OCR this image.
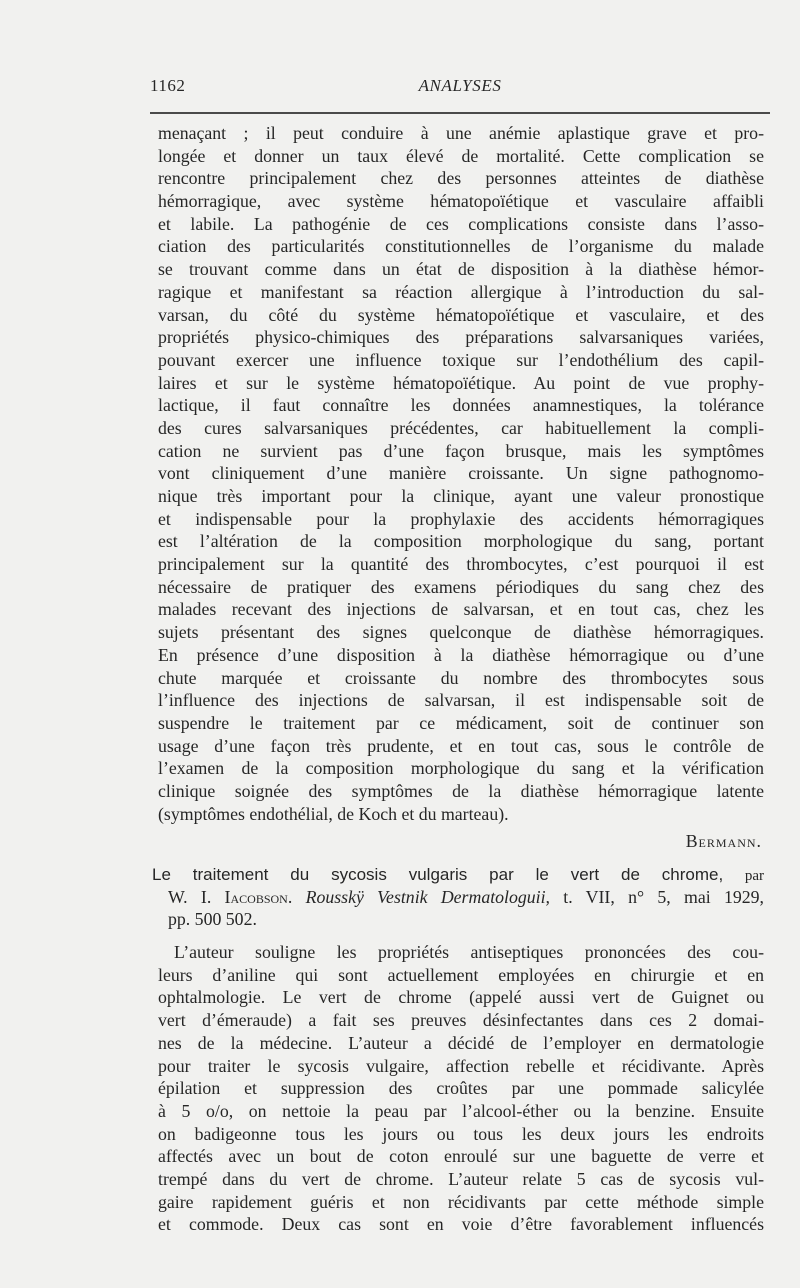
1162	ANALYSES
menaçant ; il peut conduire à une anémie aplastique grave et pro-
longée et donner un taux élevé de mortalité. Cette complication se
rencontre principalement chez des personnes atteintes de diathèse
hémorragique, avec système hématopoïétique et vasculaire affaibli
et labile. La pathogénie de ces complications consiste dans l’asso-
ciation des particularités constitutionnelles de l’organisme du malade
se trouvant comme dans un état de disposition à la diathèse hémor-
ragique et manifestant sa réaction allergique à l’introduction du sal-
varsan, du côté du système hématopoïétique et vasculaire, et des
propriétés physico-chimiques des préparations salvarsaniques variées,
pouvant exercer une influence toxique sur l’endothélium des capil-
laires et sur le système hématopoïétique. Au point de vue prophy-
lactique, il faut connaître les données anamnestiques, la tolérance
des cures salvarsaniques précédentes, car habituellement la compli-
cation ne survient pas d’une façon brusque, mais les symptômes
vont cliniquement d’une manière croissante. Un signe pathognomo-
nique très important pour la clinique, ayant une valeur pronostique
et indispensable pour la prophylaxie des accidents hémorragiques
est l’altération de la composition morphologique du sang, portant
principalement sur la quantité des thrombocytes, c’est pourquoi il est
nécessaire de pratiquer des examens périodiques du sang chez des
malades recevant des injections de salvarsan, et en tout cas, chez les
sujets présentant des signes quelconque de diathèse hémorragiques.
En présence d’une disposition à la diathèse hémorragique ou d’une
chute marquée et croissante du nombre des thrombocytes sous
l’influence des injections de salvarsan, il est indispensable soit de
suspendre le traitement par ce médicament, soit de continuer son
usage d’une façon très prudente, et en tout cas, sous le contrôle de
l’examen de la composition morphologique du sang et la vérification
clinique soignée des symptômes de la diathèse hémorragique latente
(symptômes endothélial, de Koch et du marteau).
Bermann.
Le traitement du sycosis vulgaris par le vert de chrome, par
W. I. Iacobson. Rousskÿ Vestnik Dermatologuii, t. VII, n° 5, mai 1929,
pp. 500 502.
L’auteur souligne les propriétés antiseptiques prononcées des cou-
leurs d’aniline qui sont actuellement employées en chirurgie et en
ophtalmologie. Le vert de chrome (appelé aussi vert de Guignet ou
vert d’émeraude) a fait ses preuves désinfectantes dans ces 2 domai-
nes de la médecine. L’auteur a décidé de l’employer en dermatologie
pour traiter le sycosis vulgaire, affection rebelle et récidivante. Après
épilation et suppression des croûtes par une pommade salicylée
à 5 o/o, on nettoie la peau par l’alcool-éther ou la benzine. Ensuite
on badigeonne tous les jours ou tous les deux jours les endroits
affectés avec un bout de coton enroulé sur une baguette de verre et
trempé dans du vert de chrome. L’auteur relate 5 cas de sycosis vul-
gaire rapidement guéris et non récidivants par cette méthode simple
et commode. Deux cas sont en voie d’être favorablement influencés
